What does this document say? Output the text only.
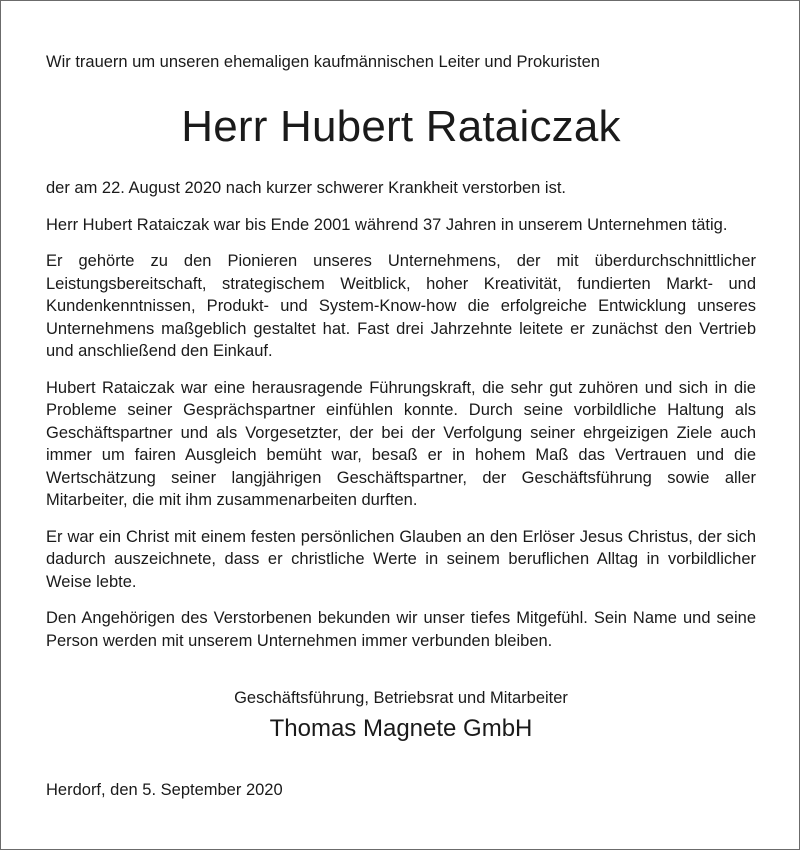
Wir trauern um unseren ehemaligen kaufmännischen Leiter und Prokuristen

Herr Hubert Rataiczak

der am 22. August 2020 nach kurzer schwerer Krankheit verstorben ist.

Herr Hubert Rataiczak war bis Ende 2001 während 37 Jahren in unserem Unternehmen tätig.

Er gehörte zu den Pionieren unseres Unternehmens, der mit überdurchschnittlicher Leistungsbereitschaft, strategischem Weitblick, hoher Kreativität, fundierten Markt- und Kundenkenntnissen, Produkt- und System-Know-how die erfolgreiche Entwicklung unseres Unternehmens maßgeblich gestaltet hat. Fast drei Jahrzehnte leitete er zunächst den Vertrieb und anschließend den Einkauf.

Hubert Rataiczak war eine herausragende Führungskraft, die sehr gut zuhören und sich in die Probleme seiner Gesprächspartner einfühlen konnte. Durch seine vorbildliche Haltung als Geschäftspartner und als Vorgesetzter, der bei der Verfolgung seiner ehrgeizigen Ziele auch immer um fairen Ausgleich bemüht war, besaß er in hohem Maß das Vertrauen und die Wertschätzung seiner langjährigen Geschäftspartner, der Geschäftsführung sowie aller Mitarbeiter, die mit ihm zusammenarbeiten durften.

Er war ein Christ mit einem festen persönlichen Glauben an den Erlöser Jesus Christus, der sich dadurch auszeichnete, dass er christliche Werte in seinem beruflichen Alltag in vorbildlicher Weise lebte.

Den Angehörigen des Verstorbenen bekunden wir unser tiefes Mitgefühl. Sein Name und seine Person werden mit unserem Unternehmen immer verbunden bleiben.

Geschäftsführung, Betriebsrat und Mitarbeiter

Thomas Magnete GmbH

Herdorf, den 5. September 2020
